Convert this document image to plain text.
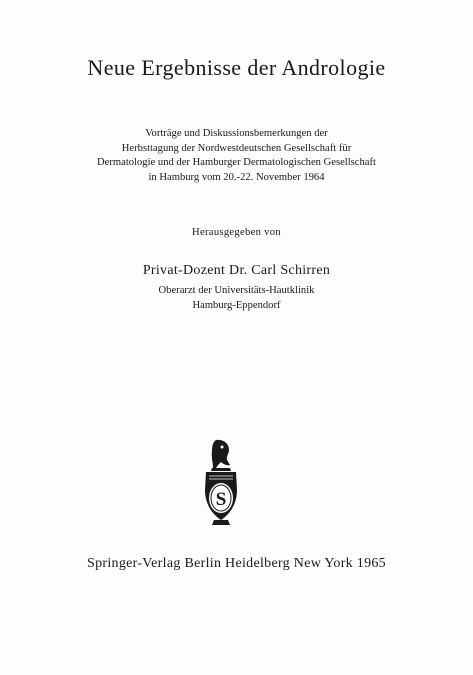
Neue Ergebnisse der Andrologie
Vorträge und Diskussionsbemerkungen der
Herbsttagung der Nordwestdeutschen Gesellschaft für
Dermatologie und der Hamburger Dermatologischen Gesellschaft
in Hamburg vom 20.-22. November 1964
Herausgegeben von
Privat-Dozent Dr. Carl Schirren
Oberarzt der Universitäts-Hautklinik
Hamburg-Eppendorf
S
Springer-Verlag Berlin Heidelberg New York 1965
